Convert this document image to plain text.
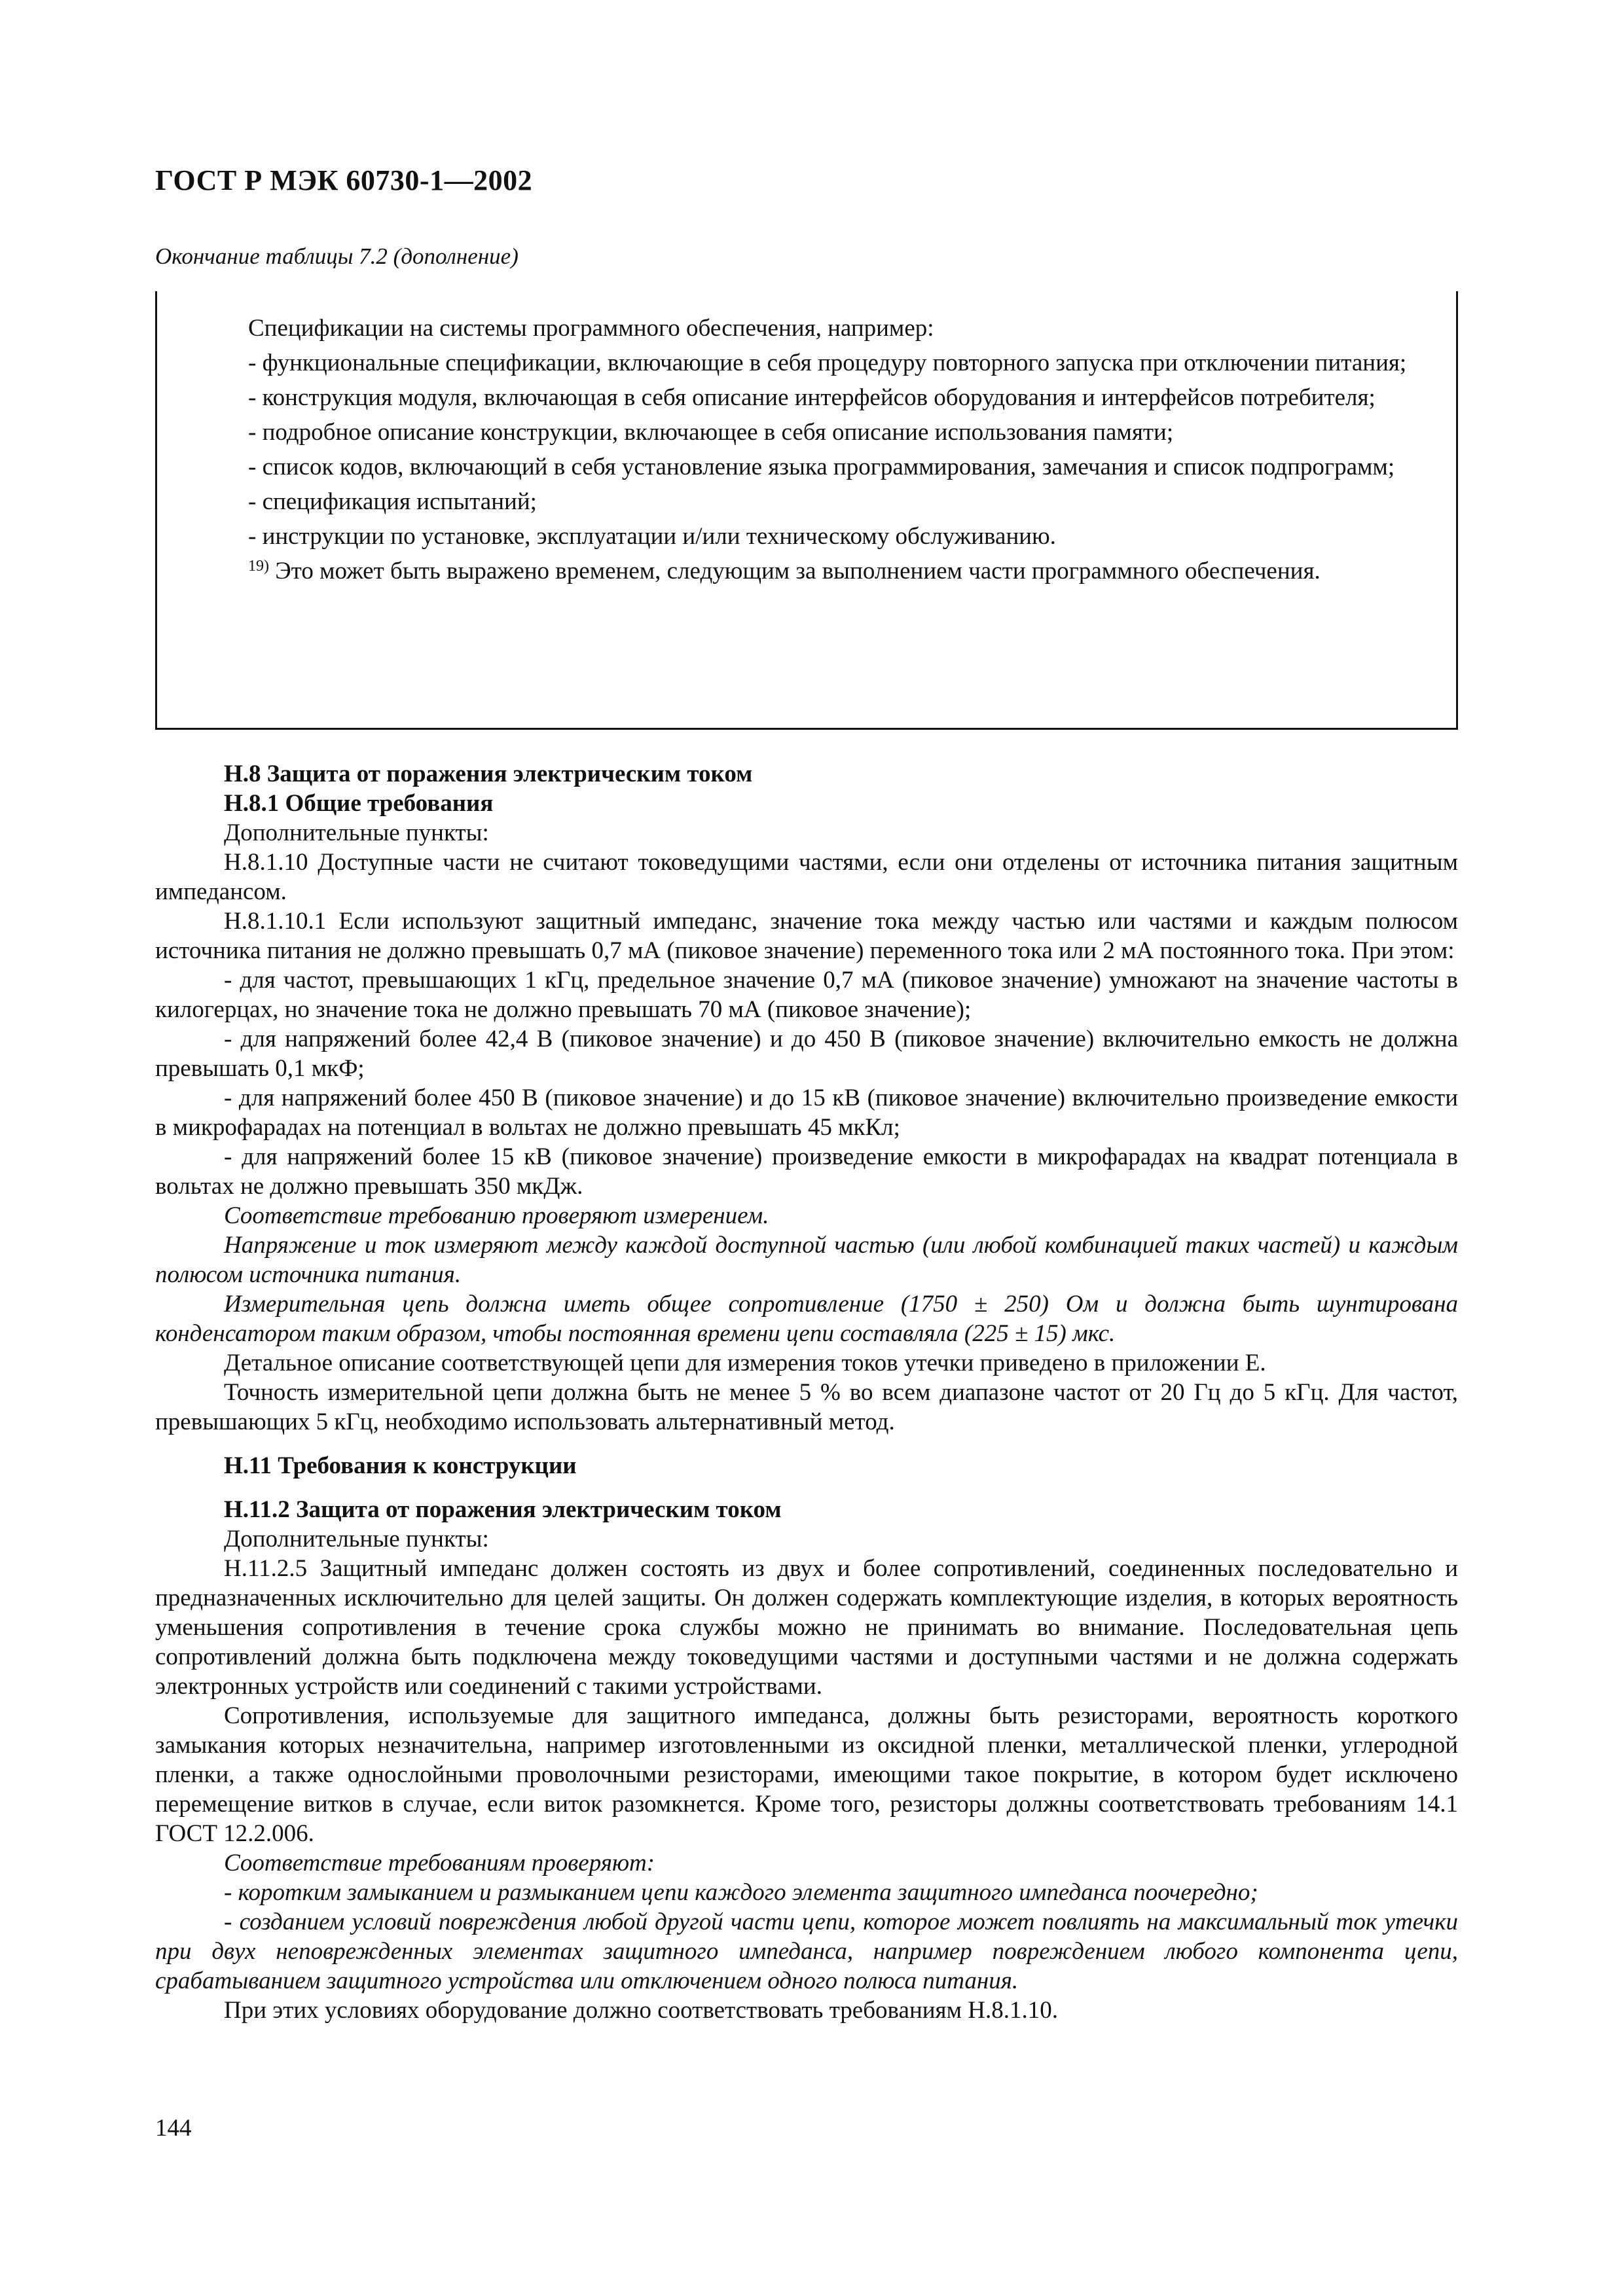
ГОСТ Р МЭК 60730-1—2002
Окончание таблицы 7.2 (дополнение)

Спецификации на системы программного обеспечения, например:

- функциональные спецификации, включающие в себя процедуру повторного запуска при отключении питания;

- конструкция модуля, включающая в себя описание интерфейсов оборудования и интерфейсов потребителя;

- подробное описание конструкции, включающее в себя описание использования памяти;

- список кодов, включающий в себя установление языка программирования, замечания и список подпрограмм;

- спецификация испытаний;

- инструкции по установке, эксплуатации и/или техническому обслуживанию.

$^{19)}$ Это может быть выражено временем, следующим за выполнением части программного обеспечения.

Н.8 Защита от поражения электрическим током

Н.8.1 Общие требования

Дополнительные пункты:

Н.8.1.10 Доступные части не считают токоведущими частями, если они отделены от источника питания защитным импедансом.

Н.8.1.10.1 Если используют защитный импеданс, значение тока между частью или частями и каждым полюсом источника питания не должно превышать 0,7 мА (пиковое значение) переменного тока или 2 мА постоянного тока. При этом:

- для частот, превышающих 1 кГц, предельное значение 0,7 мА (пиковое значение) умножают на значение частоты в килогерцах, но значение тока не должно превышать 70 мА (пиковое значение);

- для напряжений более 42,4 В (пиковое значение) и до 450 В (пиковое значение) включительно емкость не должна превышать 0,1 мкФ;

- для напряжений более 450 В (пиковое значение) и до 15 кВ (пиковое значение) включительно произведение емкости в микрофарадах на потенциал в вольтах не должно превышать 45 мкКл;

- для напряжений более 15 кВ (пиковое значение) произведение емкости в микрофарадах на квадрат потенциала в вольтах не должно превышать 350 мкДж.

Соответствие требованию проверяют измерением.

Напряжение и ток измеряют между каждой доступной частью (или любой комбинацией таких частей) и каждым полюсом источника питания.

Измерительная цепь должна иметь общее сопротивление (1750 ± 250) Ом и должна быть шунтирована конденсатором таким образом, чтобы постоянная времени цепи составляла (225 ± 15) мкс.

Детальное описание соответствующей цепи для измерения токов утечки приведено в приложении Е.

Точность измерительной цепи должна быть не менее 5 % во всем диапазоне частот от 20 Гц до 5 кГц. Для частот, превышающих 5 кГц, необходимо использовать альтернативный метод.

Н.11 Требования к конструкции

Н.11.2 Защита от поражения электрическим током

Дополнительные пункты:

Н.11.2.5 Защитный импеданс должен состоять из двух и более сопротивлений, соединенных последовательно и предназначенных исключительно для целей защиты. Он должен содержать комплектующие изделия, в которых вероятность уменьшения сопротивления в течение срока службы можно не принимать во внимание. Последовательная цепь сопротивлений должна быть подключена между токоведущими частями и доступными частями и не должна содержать электронных устройств или соединений с такими устройствами.

Сопротивления, используемые для защитного импеданса, должны быть резисторами, вероятность короткого замыкания которых незначительна, например изготовленными из оксидной пленки, металлической пленки, углеродной пленки, а также однослойными проволочными резисторами, имеющими такое покрытие, в котором будет исключено перемещение витков в случае, если виток разомкнется. Кроме того, резисторы должны соответствовать требованиям 14.1 ГОСТ 12.2.006.

Соответствие требованиям проверяют:

- коротким замыканием и размыканием цепи каждого элемента защитного импеданса поочередно;

- созданием условий повреждения любой другой части цепи, которое может повлиять на максимальный ток утечки при двух неповрежденных элементах защитного импеданса, например повреждением любого компонента цепи, срабатыванием защитного устройства или отключением одного полюса питания.

При этих условиях оборудование должно соответствовать требованиям Н.8.1.10.

144
